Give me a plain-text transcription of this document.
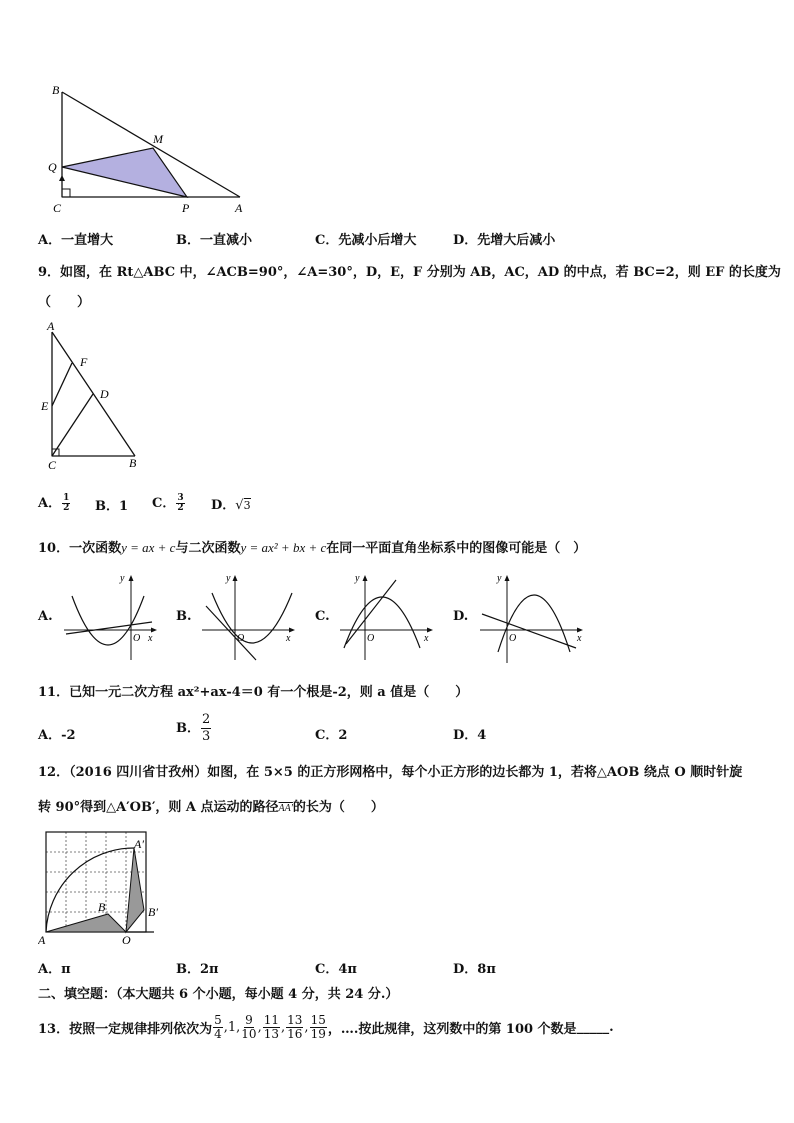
B
M
Q
C	P	A
A．一直增大	B．一直减小	C．先减小后增大	D．先增大后减小
9．如图，在 Rt△ABC 中，∠ACB=90°，∠A=30°，D，E，F 分别为 AB，AC，AD 的中点，若 BC=2，则 EF 的长度为
（　　）
A
F
E
D
C	B
A． $\frac{1}{2}$ B．1 C． $\frac{3}{2}$ D．√3
10．一次函数y = ax + c与二次函数y = ax² + bx + c在同一平面直角坐标系中的图像可能是（　）
A.	B.	C.	D.
y
x
O
y
x
O
y
x
O
y
x
O
11．已知一元二次方程 ax²+ax-4＝0 有一个根是-2，则 a 值是（　　）
A．-2	B． $\frac{2}{3}$	C．2	D．4
12．（2016 四川省甘孜州）如图，在 5×5 的正方形网格中，每个小正方形的边长都为 1，若将△AOB 绕点 O 顺时针旋
转 90°得到△A′OB′，则 A 点运动的路径AA′的长为（　　）
A
B
O
A′
B′
A．π	B．2π	C．4π	D．8π
二、填空题：（本大题共 6 个小题，每小题 4 分，共 24 分.）
13．按照一定规律排列依次为 $\frac{5}{4}$ , 1 , $\frac{9}{10}$ , $\frac{11}{13}$ , $\frac{13}{16}$ , $\frac{15}{19}$ ，….按此规律，这列数中的第 100 个数是 _____ .
